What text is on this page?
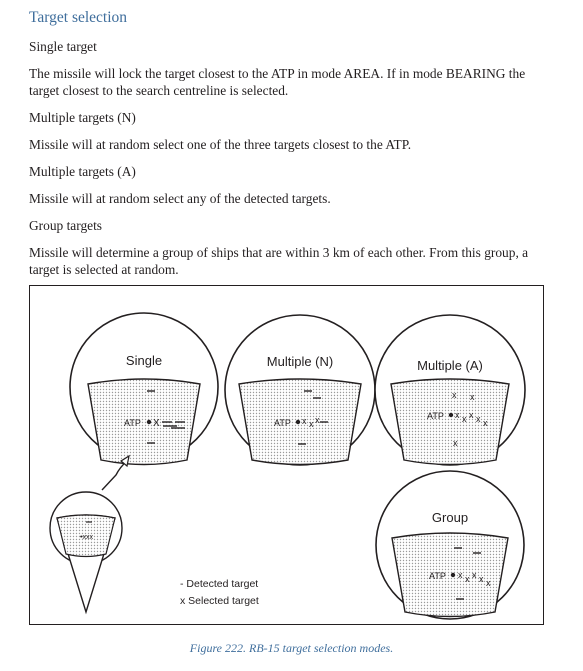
Target selection
Single target
The missile will lock the target closest to the ATP in mode AREA. If in mode BEARING the target closest to the search centreline is selected.
Multiple targets (N)
Missile will at random select one of the three targets closest to the ATP.
Multiple targets (A)
Missile will at random select any of the detected targets.
Group targets
Missile will determine a group of ships that are within 3 km of each other. From this group, a target is selected at random.
Single
ATP X
Multiple (N)
ATP x x x
Multiple (A)
x x
ATP x x x x x
x
Group
ATP x x x x x
•xxx
- Detected target
x Selected target
Figure 222. RB-15 target selection modes.
